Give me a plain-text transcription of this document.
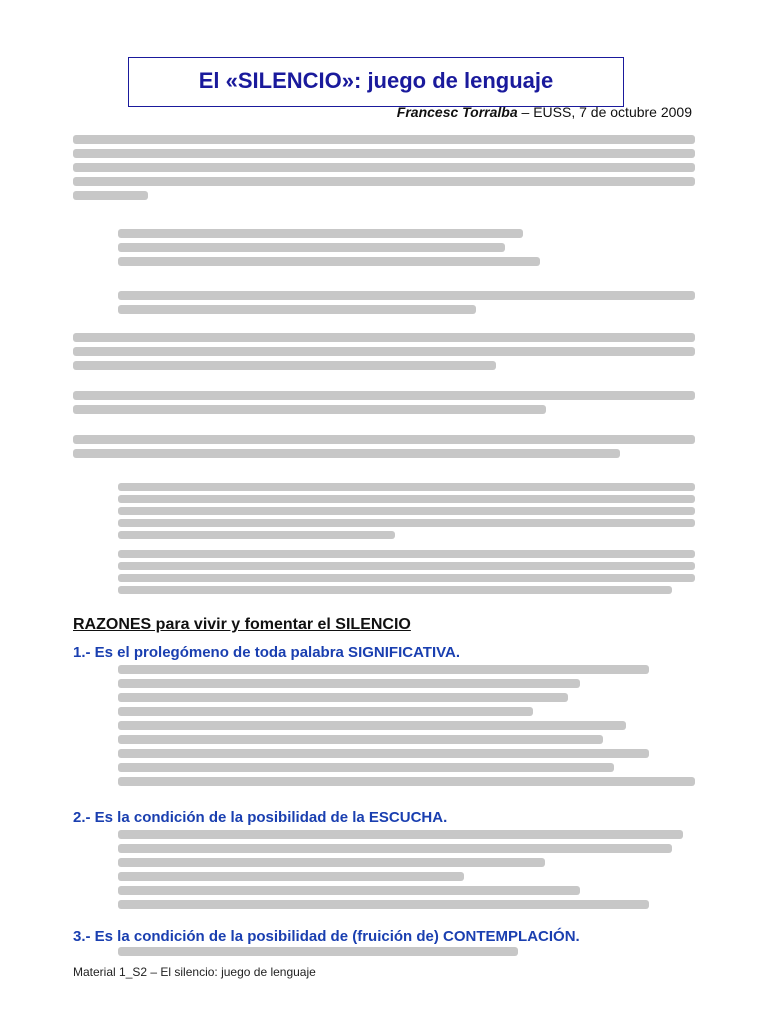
El «SILENCIO»: juego de lenguaje
Francesc Torralba – EUSS, 7 de octubre 2009
RAZONES para vivir y fomentar el SILENCIO
1.- Es el prolegómeno de toda palabra SIGNIFICATIVA.
2.- Es la condición de la posibilidad de la ESCUCHA.
3.- Es la condición de la posibilidad de (fruición de) CONTEMPLACIÓN.
Material 1_S2 – El silencio: juego de lenguaje
